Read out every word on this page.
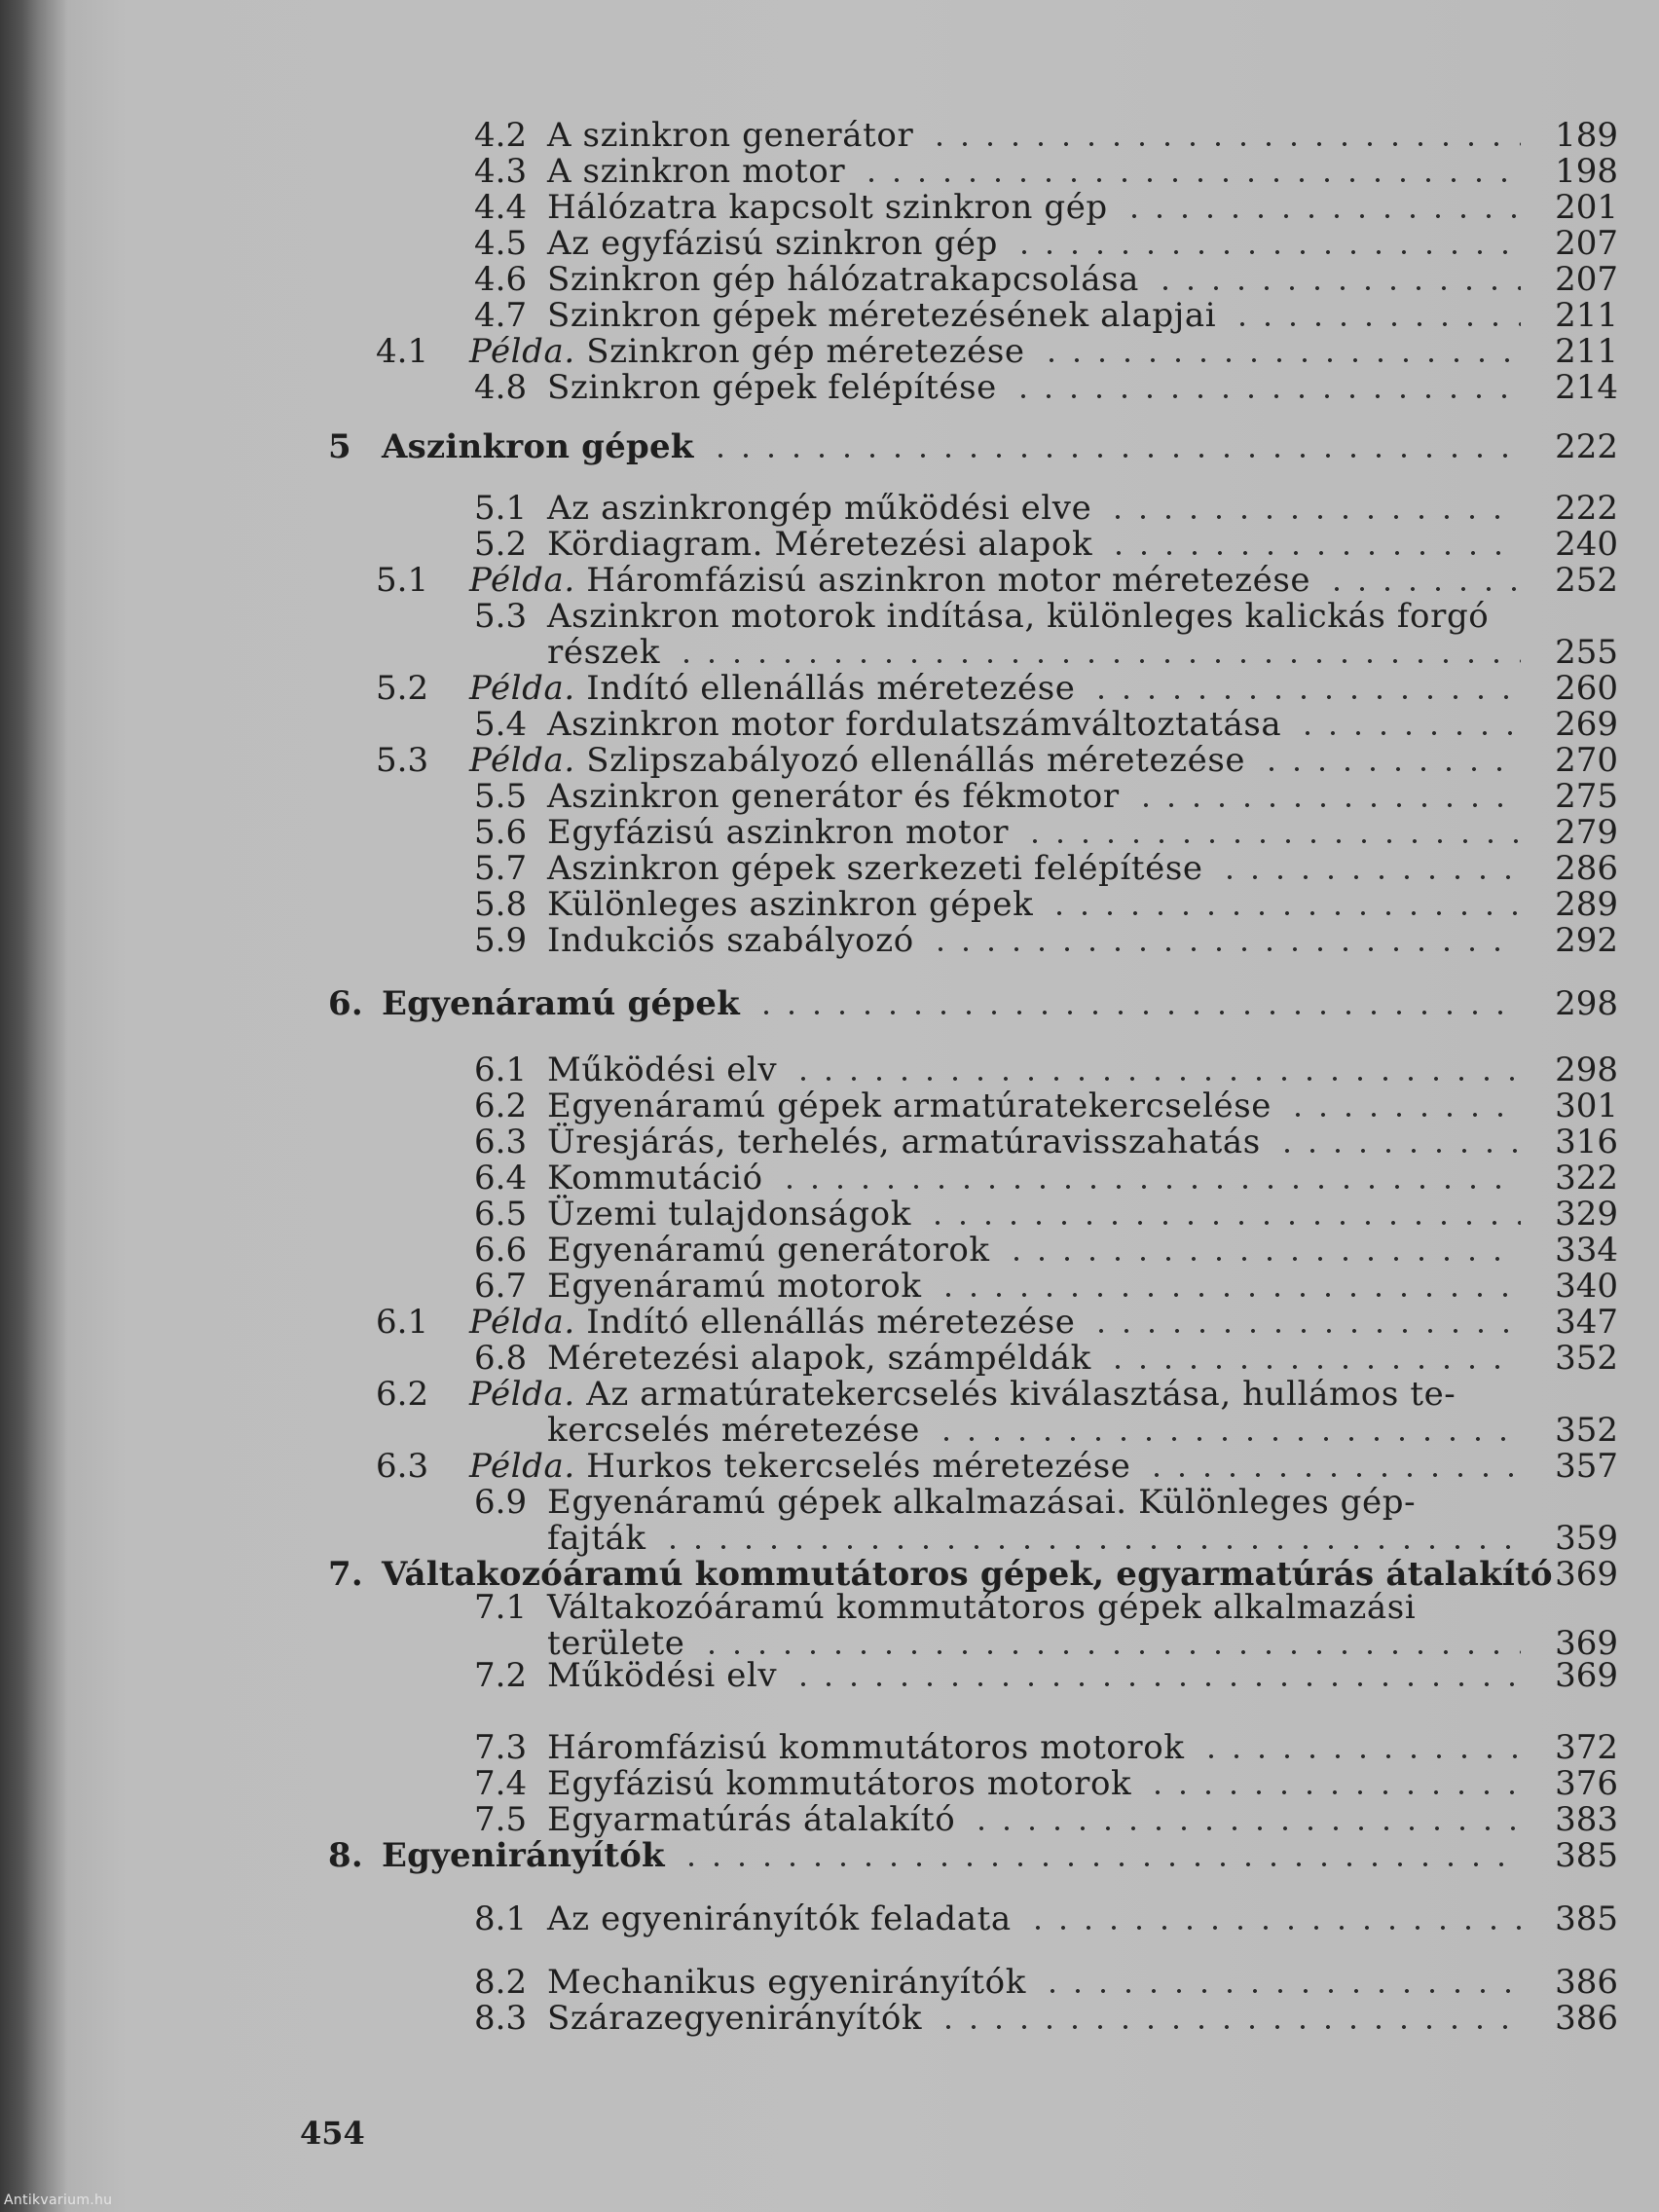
4.2 A szinkron generátor	189
4.3 A szinkron motor	198
4.4 Hálózatra kapcsolt szinkron gép	201
4.5 Az egyfázisú szinkron gép	207
4.6 Szinkron gép hálózatrakapcsolása	207
4.7 Szinkron gépek méretezésének alapjai	211
4.1 Példa. Szinkron gép méretezése	211
4.8 Szinkron gépek felépítése	214
5 Aszinkron gépek	222
5.1 Az aszinkrongép működési elve	222
5.2 Kördiagram. Méretezési alapok	240
5.1 Példa. Háromfázisú aszinkron motor méretezése	252
5.3 Aszinkron motorok indítása, különleges kalickás forgó
részek	255
5.2 Példa. Indító ellenállás méretezése	260
5.4 Aszinkron motor fordulatszámváltoztatása	269
5.3 Példa. Szlipszabályozó ellenállás méretezése	270
5.5 Aszinkron generátor és fékmotor	275
5.6 Egyfázisú aszinkron motor	279
5.7 Aszinkron gépek szerkezeti felépítése	286
5.8 Különleges aszinkron gépek	289
5.9 Indukciós szabályozó	292
6. Egyenáramú gépek	298
6.1 Működési elv	298
6.2 Egyenáramú gépek armatúratekercselése	301
6.3 Üresjárás, terhelés, armatúravisszahatás	316
6.4 Kommutáció	322
6.5 Üzemi tulajdonságok	329
6.6 Egyenáramú generátorok	334
6.7 Egyenáramú motorok	340
6.1 Példa. Indító ellenállás méretezése	347
6.8 Méretezési alapok, számpéldák	352
6.2 Példa. Az armatúratekercselés kiválasztása, hullámos te-
kercselés méretezése	352
6.3 Példa. Hurkos tekercselés méretezése	357
6.9 Egyenáramú gépek alkalmazásai. Különleges gép-
fajták	359
7. Váltakozóáramú kommutátoros gépek, egyarmatúrás átalakító 369
7.1 Váltakozóáramú kommutátoros gépek alkalmazási
területe	369
7.2 Működési elv	369
7.3 Háromfázisú kommutátoros motorok	372
7.4 Egyfázisú kommutátoros motorok	376
7.5 Egyarmatúrás átalakító	383
8. Egyenirányítók	385
8.1 Az egyenirányítók feladata	385
8.2 Mechanikus egyenirányítók	386
8.3 Szárazegyenirányítók	386
454
Antikvarium.hu
